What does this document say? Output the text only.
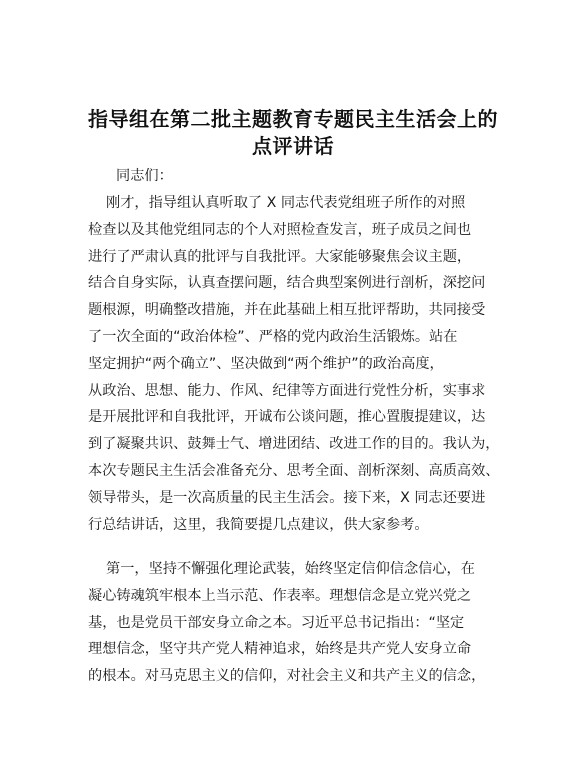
指导组在第二批主题教育专题民主生活会上的
点评讲话
同志们：
刚才，指导组认真听取了 X 同志代表党组班子所作的对照
检查以及其他党组同志的个人对照检查发言，班子成员之间也
进行了严肃认真的批评与自我批评。大家能够聚焦会议主题，
结合自身实际，认真查摆问题，结合典型案例进行剖析，深挖问
题根源，明确整改措施，并在此基础上相互批评帮助，共同接受
了一次全面的“政治体检”、严格的党内政治生活锻炼。站在
坚定拥护“两个确立”、坚决做到“两个维护”的政治高度，
从政治、思想、能力、作风、纪律等方面进行党性分析，实事求
是开展批评和自我批评，开诚布公谈问题，推心置腹提建议，达
到了凝聚共识、鼓舞士气、增进团结、改进工作的目的。我认为，
本次专题民主生活会准备充分、思考全面、剖析深刻、高质高效、
领导带头，是一次高质量的民主生活会。接下来，X 同志还要进
行总结讲话，这里，我简要提几点建议，供大家参考。
第一，坚持不懈强化理论武装，始终坚定信仰信念信心，在
凝心铸魂筑牢根本上当示范、作表率。理想信念是立党兴党之
基，也是党员干部安身立命之本。习近平总书记指出：“坚定
理想信念，坚守共产党人精神追求，始终是共产党人安身立命
的根本。对马克思主义的信仰，对社会主义和共产主义的信念，
